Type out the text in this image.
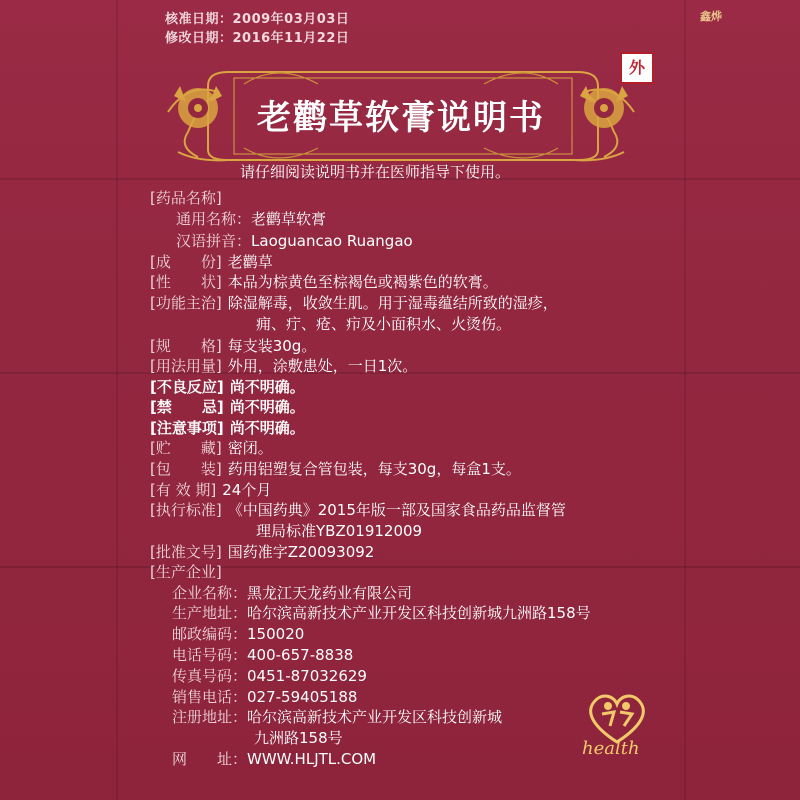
核准日期：2009年03月03日
修改日期：2016年11月22日
鑫烨
外
老鹳草软膏说明书
请仔细阅读说明书并在医师指导下使用。
[药品名称]
通用名称：老鹳草软膏
汉语拼音：Laoguancao Ruangao
[成　　份] 老鹳草
[性　　状] 本品为棕黄色至棕褐色或褐紫色的软膏。
[功能主治] 除湿解毒，收敛生肌。用于湿毒蕴结所致的湿疹，
痈、疔、疮、疖及小面积水、火烫伤。
[规　　格] 每支装30g。
[用法用量] 外用，涂敷患处，一日1次。
[不良反应] 尚不明确。
[禁　　忌] 尚不明确。
[注意事项] 尚不明确。
[贮　　藏] 密闭。
[包　　装] 药用铝塑复合管包装，每支30g，每盒1支。
[有 效 期] 24个月
[执行标准] 《中国药典》2015年版一部及国家食品药品监督管
理局标准YBZ01912009
[批准文号] 国药准字Z20093092
[生产企业]
企业名称：黑龙江天龙药业有限公司
生产地址：哈尔滨高新技术产业开发区科技创新城九洲路158号
邮政编码：150020
电话号码：400-657-8838
传真号码：0451-87032629
销售电话：027-59405188
注册地址：哈尔滨高新技术产业开发区科技创新城
九洲路158号
网　　址：WWW.HLJTL.COM	health
